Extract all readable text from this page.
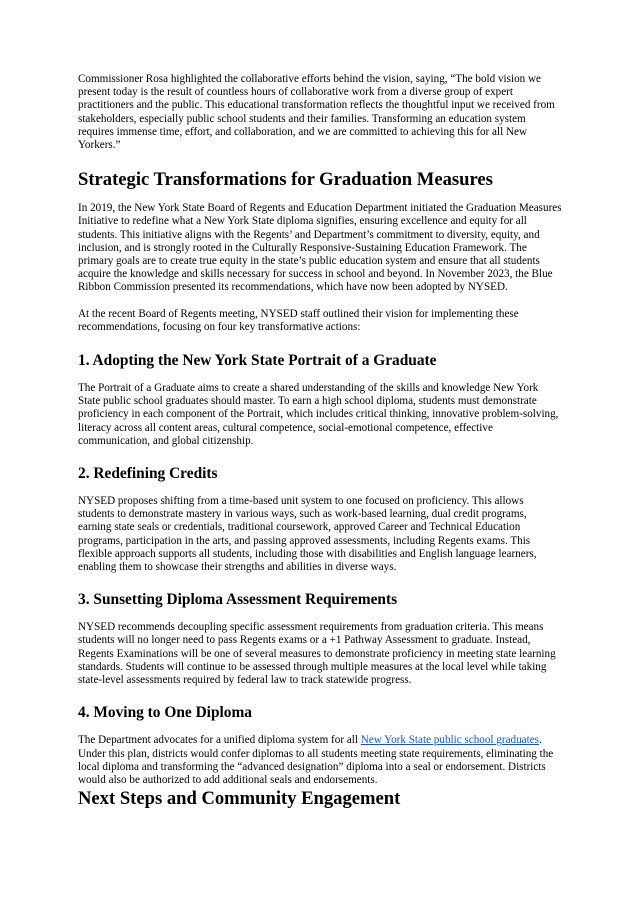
Commissioner Rosa highlighted the collaborative efforts behind the vision, saying, “The bold vision we present today is the result of countless hours of collaborative work from a diverse group of expert practitioners and the public. This educational transformation reflects the thoughtful input we received from stakeholders, especially public school students and their families. Transforming an education system requires immense time, effort, and collaboration, and we are committed to achieving this for all New Yorkers.”

Strategic Transformations for Graduation Measures

In 2019, the New York State Board of Regents and Education Department initiated the Graduation Measures Initiative to redefine what a New York State diploma signifies, ensuring excellence and equity for all students. This initiative aligns with the Regents’ and Department’s commitment to diversity, equity, and inclusion, and is strongly rooted in the Culturally Responsive-Sustaining Education Framework. The primary goals are to create true equity in the state’s public education system and ensure that all students acquire the knowledge and skills necessary for success in school and beyond. In November 2023, the Blue Ribbon Commission presented its recommendations, which have now been adopted by NYSED.

At the recent Board of Regents meeting, NYSED staff outlined their vision for implementing these recommendations, focusing on four key transformative actions:

1. Adopting the New York State Portrait of a Graduate

The Portrait of a Graduate aims to create a shared understanding of the skills and knowledge New York State public school graduates should master. To earn a high school diploma, students must demonstrate proficiency in each component of the Portrait, which includes critical thinking, innovative problem-solving, literacy across all content areas, cultural competence, social-emotional competence, effective communication, and global citizenship.

2. Redefining Credits

NYSED proposes shifting from a time-based unit system to one focused on proficiency. This allows students to demonstrate mastery in various ways, such as work-based learning, dual credit programs, earning state seals or credentials, traditional coursework, approved Career and Technical Education programs, participation in the arts, and passing approved assessments, including Regents exams. This flexible approach supports all students, including those with disabilities and English language learners, enabling them to showcase their strengths and abilities in diverse ways.

3. Sunsetting Diploma Assessment Requirements

NYSED recommends decoupling specific assessment requirements from graduation criteria. This means students will no longer need to pass Regents exams or a +1 Pathway Assessment to graduate. Instead, Regents Examinations will be one of several measures to demonstrate proficiency in meeting state learning standards. Students will continue to be assessed through multiple measures at the local level while taking state-level assessments required by federal law to track statewide progress.

4. Moving to One Diploma

The Department advocates for a unified diploma system for all New York State public school graduates. Under this plan, districts would confer diplomas to all students meeting state requirements, eliminating the local diploma and transforming the “advanced designation” diploma into a seal or endorsement. Districts would also be authorized to add additional seals and endorsements.

Next Steps and Community Engagement
